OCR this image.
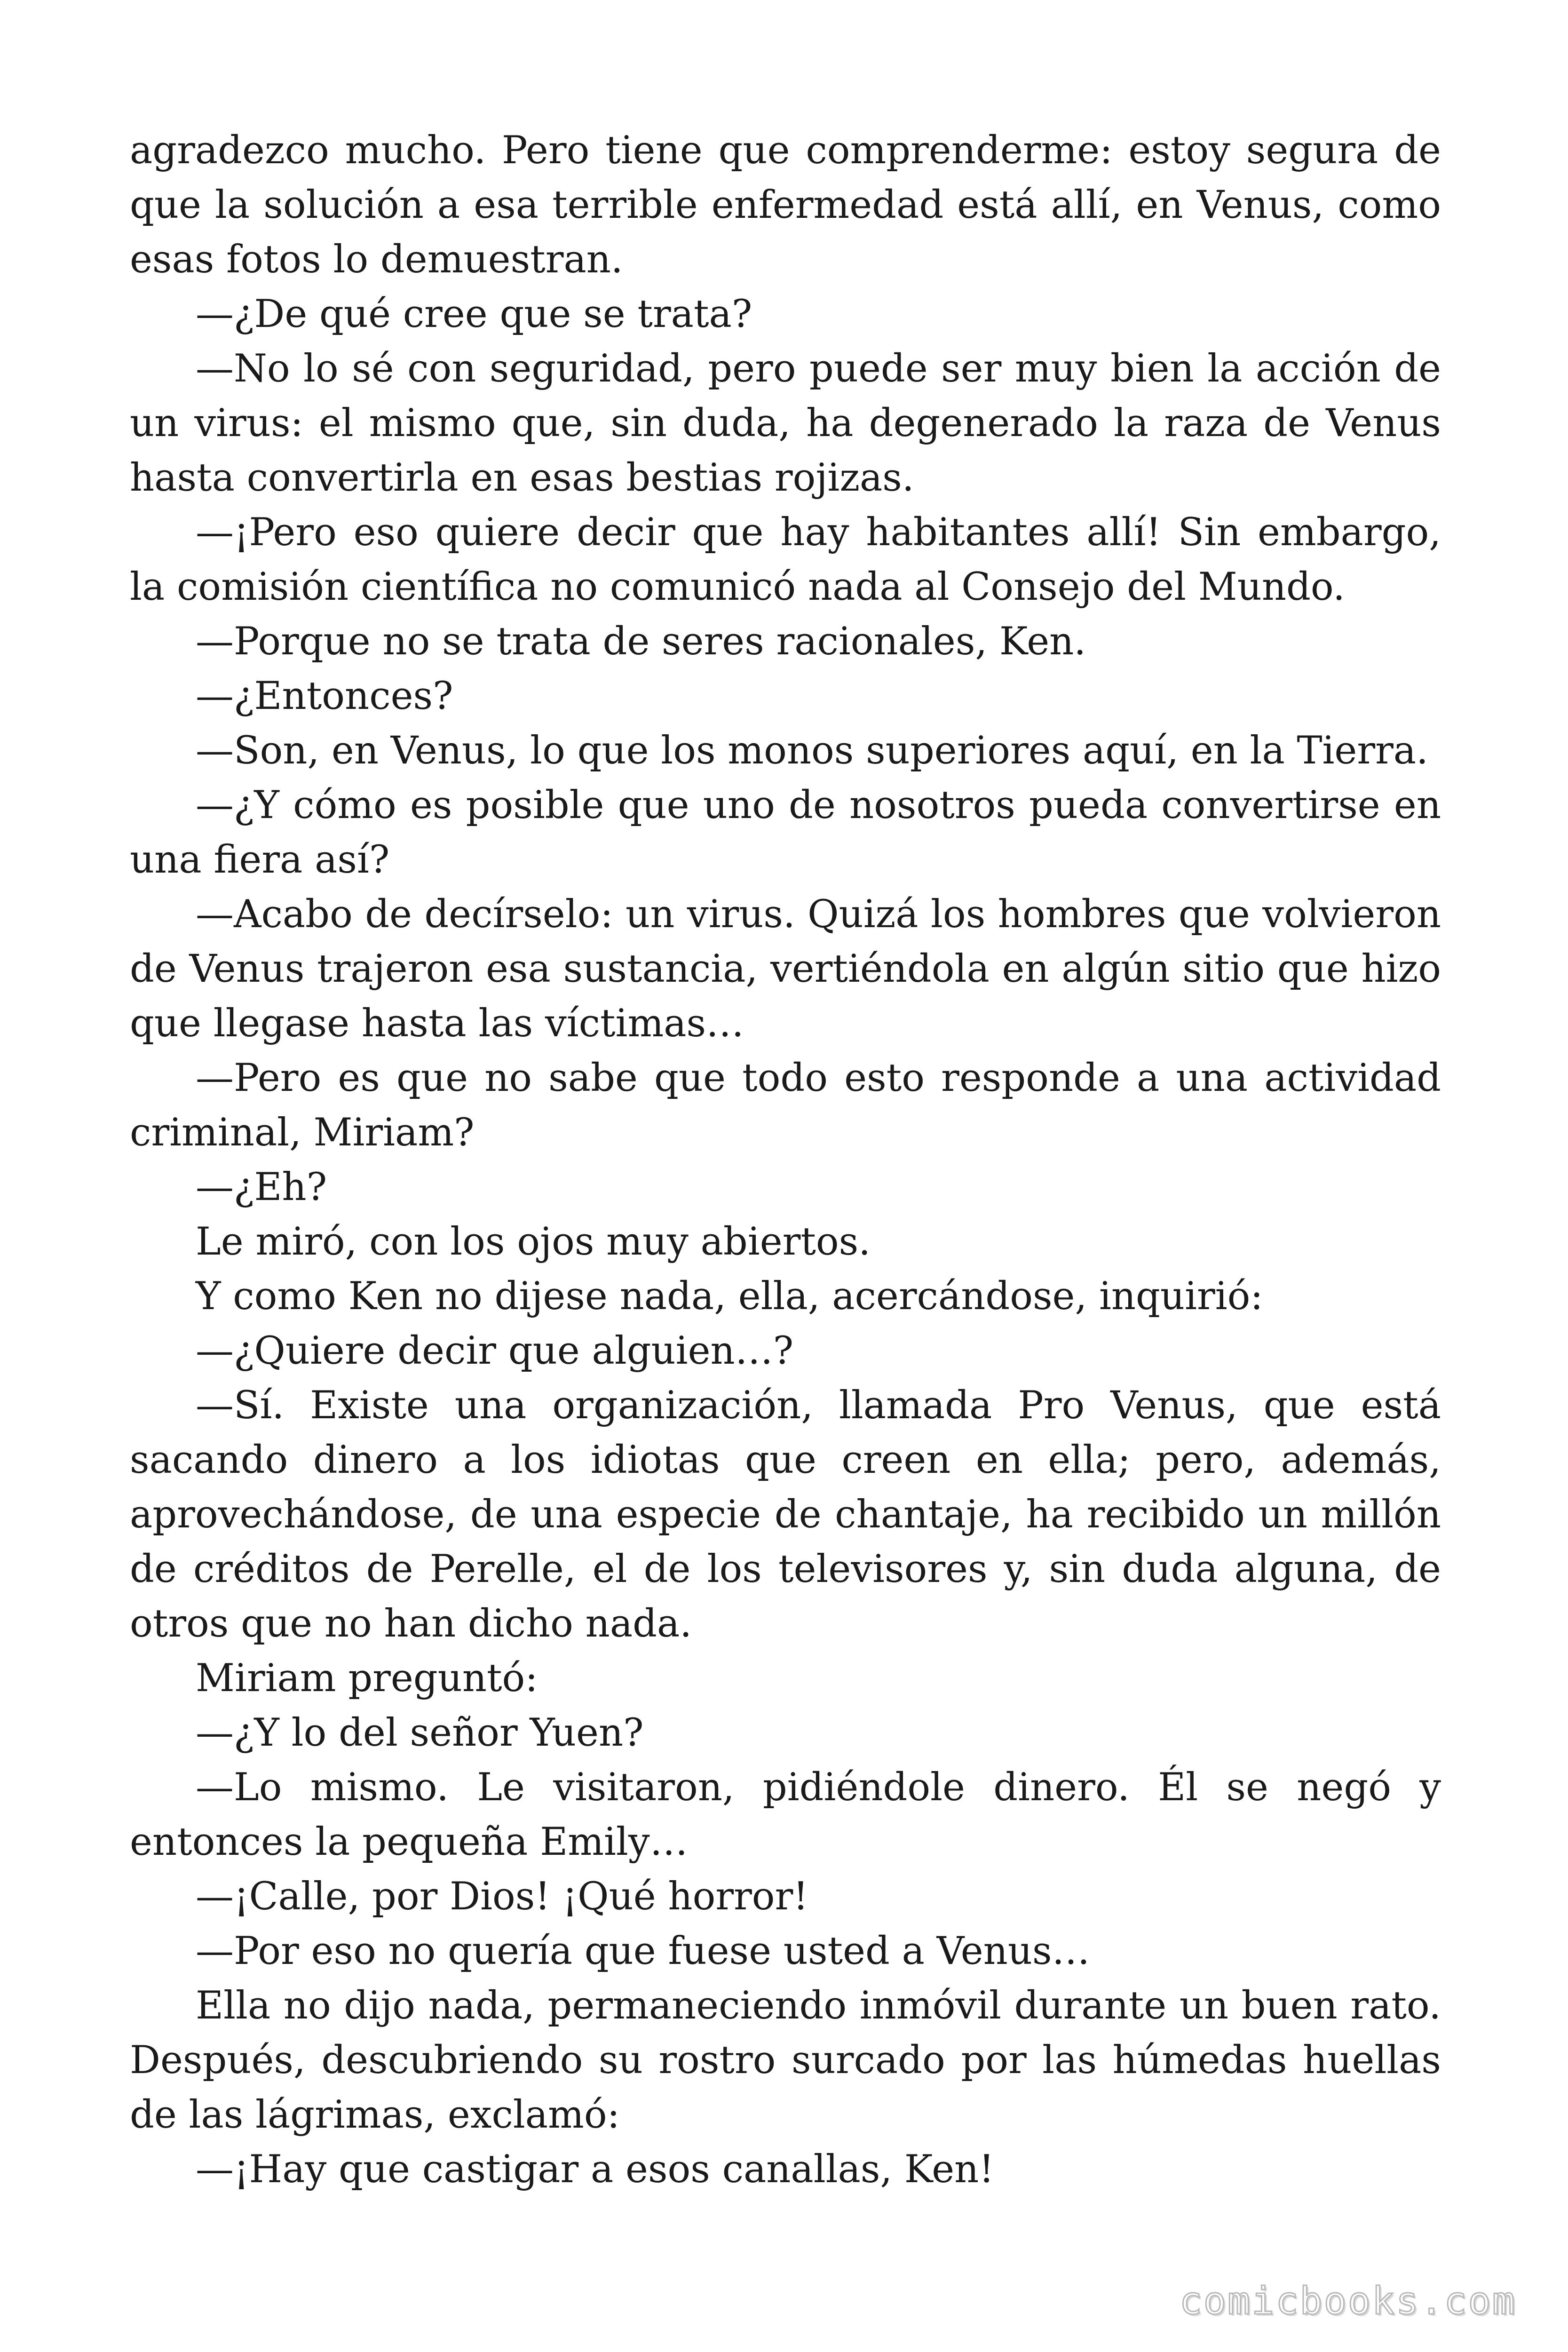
agradezco mucho. Pero tiene que comprenderme: estoy segura de que la solución a esa terrible enfermedad está allí, en Venus, como esas fotos lo demuestran.

—¿De qué cree que se trata?

—No lo sé con seguridad, pero puede ser muy bien la acción de un virus: el mismo que, sin duda, ha degenerado la raza de Venus hasta convertirla en esas bestias rojizas.

—¡Pero eso quiere decir que hay habitantes allí! Sin embargo, la comisión científica no comunicó nada al Consejo del Mundo.

—Porque no se trata de seres racionales, Ken.

—¿Entonces?

—Son, en Venus, lo que los monos superiores aquí, en la Tierra.

—¿Y cómo es posible que uno de nosotros pueda convertirse en una fiera así?

—Acabo de decírselo: un virus. Quizá los hombres que volvieron de Venus trajeron esa sustancia, vertiéndola en algún sitio que hizo que llegase hasta las víctimas…

—Pero es que no sabe que todo esto responde a una actividad criminal, Miriam?

—¿Eh?

Le miró, con los ojos muy abiertos.

Y como Ken no dijese nada, ella, acercándose, inquirió:

—¿Quiere decir que alguien…?

—Sí. Existe una organización, llamada Pro Venus, que está sacando dinero a los idiotas que creen en ella; pero, además, aprovechándose, de una especie de chantaje, ha recibido un millón de créditos de Perelle, el de los televisores y, sin duda alguna, de otros que no han dicho nada.

Miriam preguntó:

—¿Y lo del señor Yuen?

—Lo mismo. Le visitaron, pidiéndole dinero. Él se negó y entonces la pequeña Emily…

—¡Calle, por Dios! ¡Qué horror!

—Por eso no quería que fuese usted a Venus…

Ella no dijo nada, permaneciendo inmóvil durante un buen rato. Después, descubriendo su rostro surcado por las húmedas huellas de las lágrimas, exclamó:

—¡Hay que castigar a esos canallas, Ken!

comicbooks.com
